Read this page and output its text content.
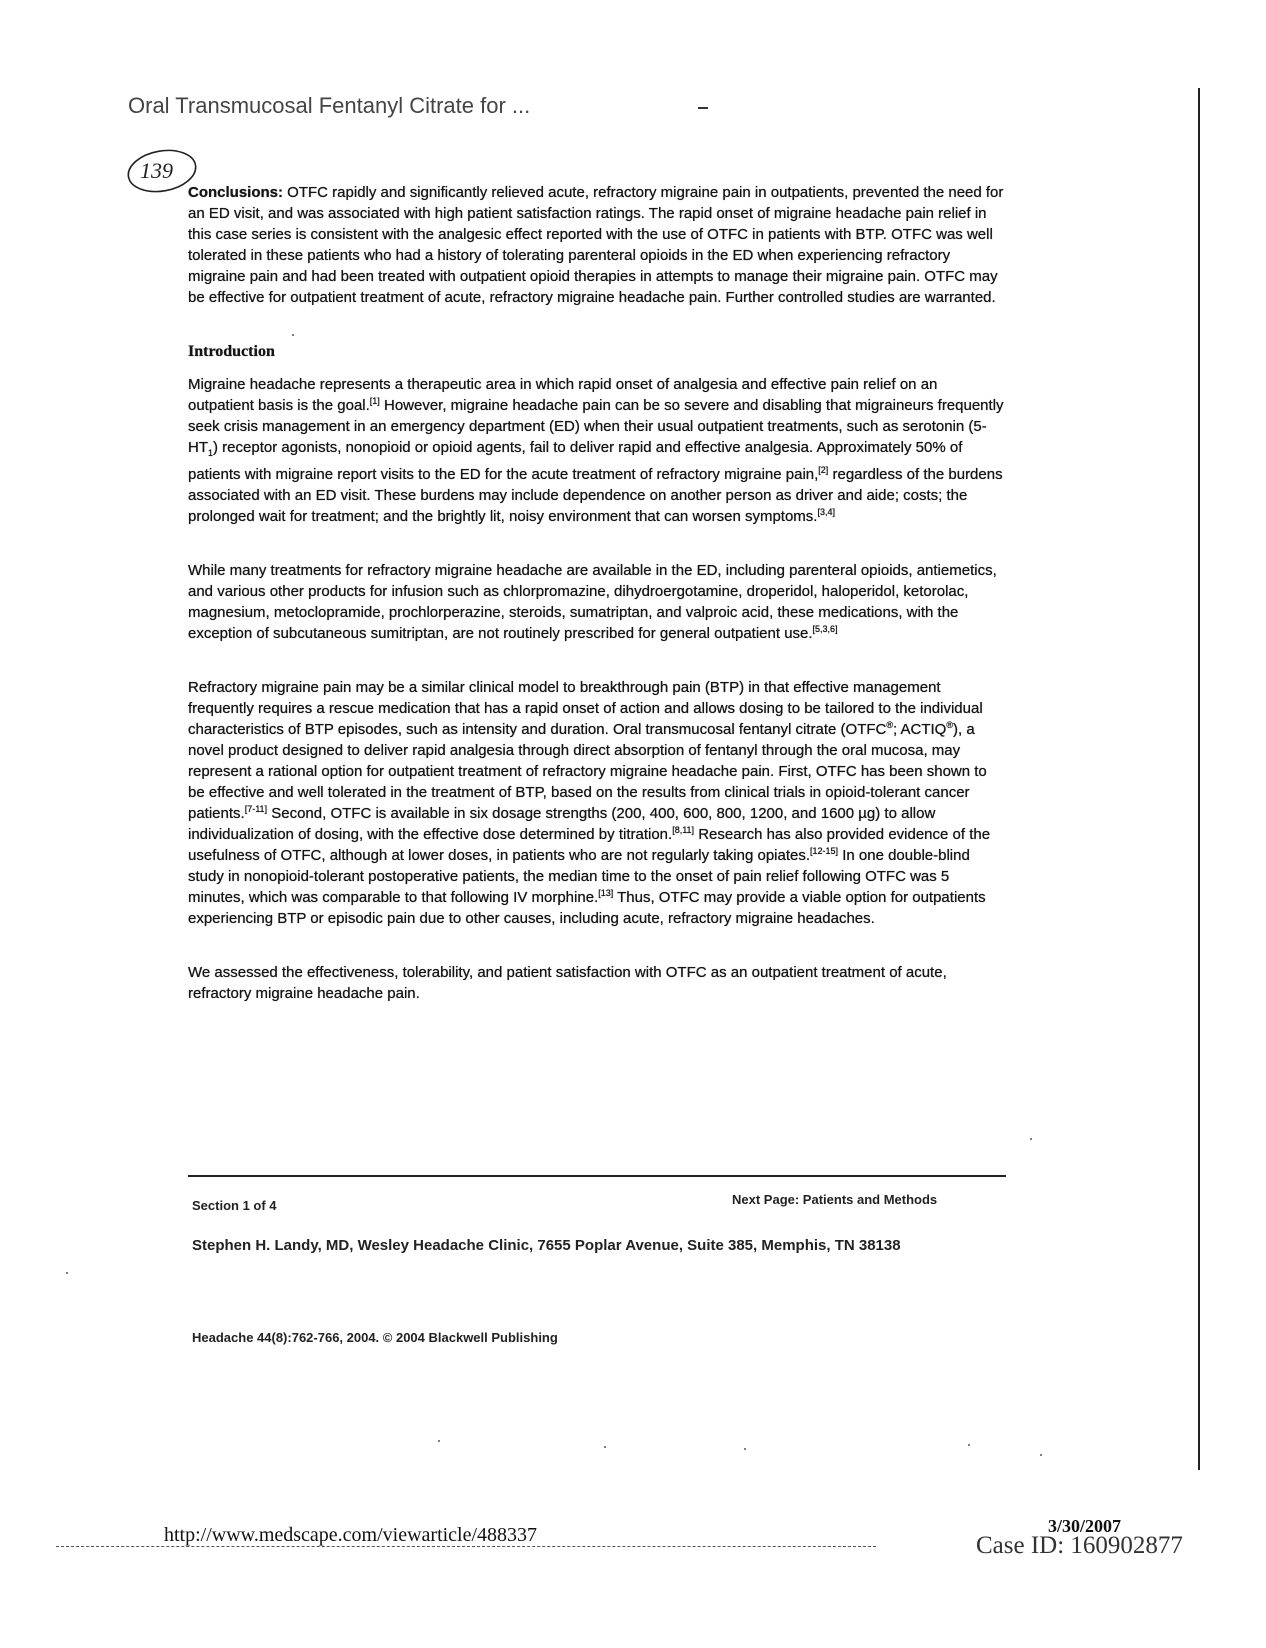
Oral Transmucosal Fentanyl Citrate for ...
139

Conclusions: OTFC rapidly and significantly relieved acute, refractory migraine pain in outpatients, prevented the need for an ED visit, and was associated with high patient satisfaction ratings. The rapid onset of migraine headache pain relief in this case series is consistent with the analgesic effect reported with the use of OTFC in patients with BTP. OTFC was well tolerated in these patients who had a history of tolerating parenteral opioids in the ED when experiencing refractory migraine pain and had been treated with outpatient opioid therapies in attempts to manage their migraine pain. OTFC may be effective for outpatient treatment of acute, refractory migraine headache pain. Further controlled studies are warranted.

Introduction

Migraine headache represents a therapeutic area in which rapid onset of analgesia and effective pain relief on an outpatient basis is the goal.[1] However, migraine headache pain can be so severe and disabling that migraineurs frequently seek crisis management in an emergency department (ED) when their usual outpatient treatments, such as serotonin $(5-HT_1)$ receptor agonists, nonopioid or opioid agents, fail to deliver rapid and effective analgesia. Approximately 50% of patients with migraine report visits to the ED for the acute treatment of refractory migraine pain,[2] regardless of the burdens associated with an ED visit. These burdens may include dependence on another person as driver and aide; costs; the prolonged wait for treatment; and the brightly lit, noisy environment that can worsen symptoms.[3,4]

While many treatments for refractory migraine headache are available in the ED, including parenteral opioids, antiemetics, and various other products for infusion such as chlorpromazine, dihydroergotamine, droperidol, haloperidol, ketorolac, magnesium, metoclopramide, prochlorperazine, steroids, sumatriptan, and valproic acid, these medications, with the exception of subcutaneous sumitriptan, are not routinely prescribed for general outpatient use.[5,3,6]

Refractory migraine pain may be a similar clinical model to breakthrough pain (BTP) in that effective management frequently requires a rescue medication that has a rapid onset of action and allows dosing to be tailored to the individual characteristics of BTP episodes, such as intensity and duration. Oral transmucosal fentanyl citrate (OTFC®; ACTIQ®), a novel product designed to deliver rapid analgesia through direct absorption of fentanyl through the oral mucosa, may represent a rational option for outpatient treatment of refractory migraine headache pain. First, OTFC has been shown to be effective and well tolerated in the treatment of BTP, based on the results from clinical trials in opioid-tolerant cancer patients.[7-11] Second, OTFC is available in six dosage strengths (200, 400, 600, 800, 1200, and 1600 µg) to allow individualization of dosing, with the effective dose determined by titration.[8,11] Research has also provided evidence of the usefulness of OTFC, although at lower doses, in patients who are not regularly taking opiates.[12-15] In one double-blind study in nonopioid-tolerant postoperative patients, the median time to the onset of pain relief following OTFC was 5 minutes, which was comparable to that following IV morphine.[13] Thus, OTFC may provide a viable option for outpatients experiencing BTP or episodic pain due to other causes, including acute, refractory migraine headaches.

We assessed the effectiveness, tolerability, and patient satisfaction with OTFC as an outpatient treatment of acute, refractory migraine headache pain.

Section 1 of 4	Next Page: Patients and Methods
Stephen H. Landy, MD, Wesley Headache Clinic, 7655 Poplar Avenue, Suite 385, Memphis, TN 38138
Headache 44(8):762-766, 2004. © 2004 Blackwell Publishing
http://www.medscape.com/viewarticle/488337	3/30/2007
Case ID: 160902877
